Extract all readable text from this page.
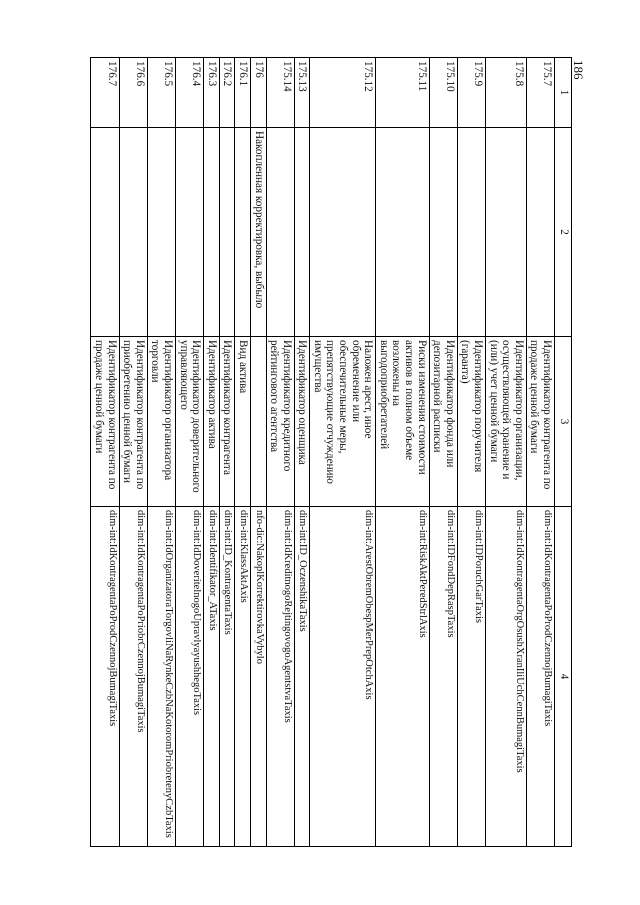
186
1	2	3	4
175.7		Идентификатор контрагента по продаже ценной бумаги	dim-int:IdKontragentaPoProdCzennojBumagiTaxis
175.8		Идентификатор организации, осуществляющей хранение и (или) учет ценной бумаги	dim-int:IdKontragentaOrgOsushXranIliUchCennBumagiTaxis
175.9		Идентификатор поручителя (гаранта)	dim-int:IDPoruchGarTaxis
175.10		Идентификатор фонда или депозитарной расписки	dim-int:IDFondDepRaspTaxis
175.11		Риски изменения стоимости активов в полном объеме возложены на выгодоприобретателей	dim-int:RiskAktPeredStrlAxis
175.12		Наложен арест, иное обременение или обеспечительные меры, препятствующие отчуждению имущества	dim-int:ArestObremObespMerPrepOtchAxis
175.13		Идентификатор оценщика	dim-int:ID_OczenshikaTaxis
175.14		Идентификатор кредитного рейтингового агентства	dim-int:IdKreditnogoRejtingovogoAgentstvaTaxis
176	Накопленная корректировка, выбыло		nfo-dic:NakoplKorrektirovkaVybylo
176.1		Вид актива	dim-int:KlassAktAxis
176.2		Идентификатор контрагента	dim-int:ID_KontragentaTaxis
176.3		Идентификатор актива	dim-int:Identifikator_ATaxis
176.4		Идентификатор доверительного управляющего	dim-int:IdDoveritelnogoUpravlyayushhegoTaxis
176.5		Идентификатор организатора торговли	dim-int:IdOrganizatoraTorgovliNaRynkeCzbNaKotoromPriobretenyCzbTaxis
176.6		Идентификатор контрагента по приобретению ценной бумаги	dim-int:IdKontragentaPoPriobrCzennojBumagiTaxis
176.7		Идентификатор контрагента по продаже ценной бумаги	dim-int:IdKontragentaPoProdCzennojBumagiTaxis
